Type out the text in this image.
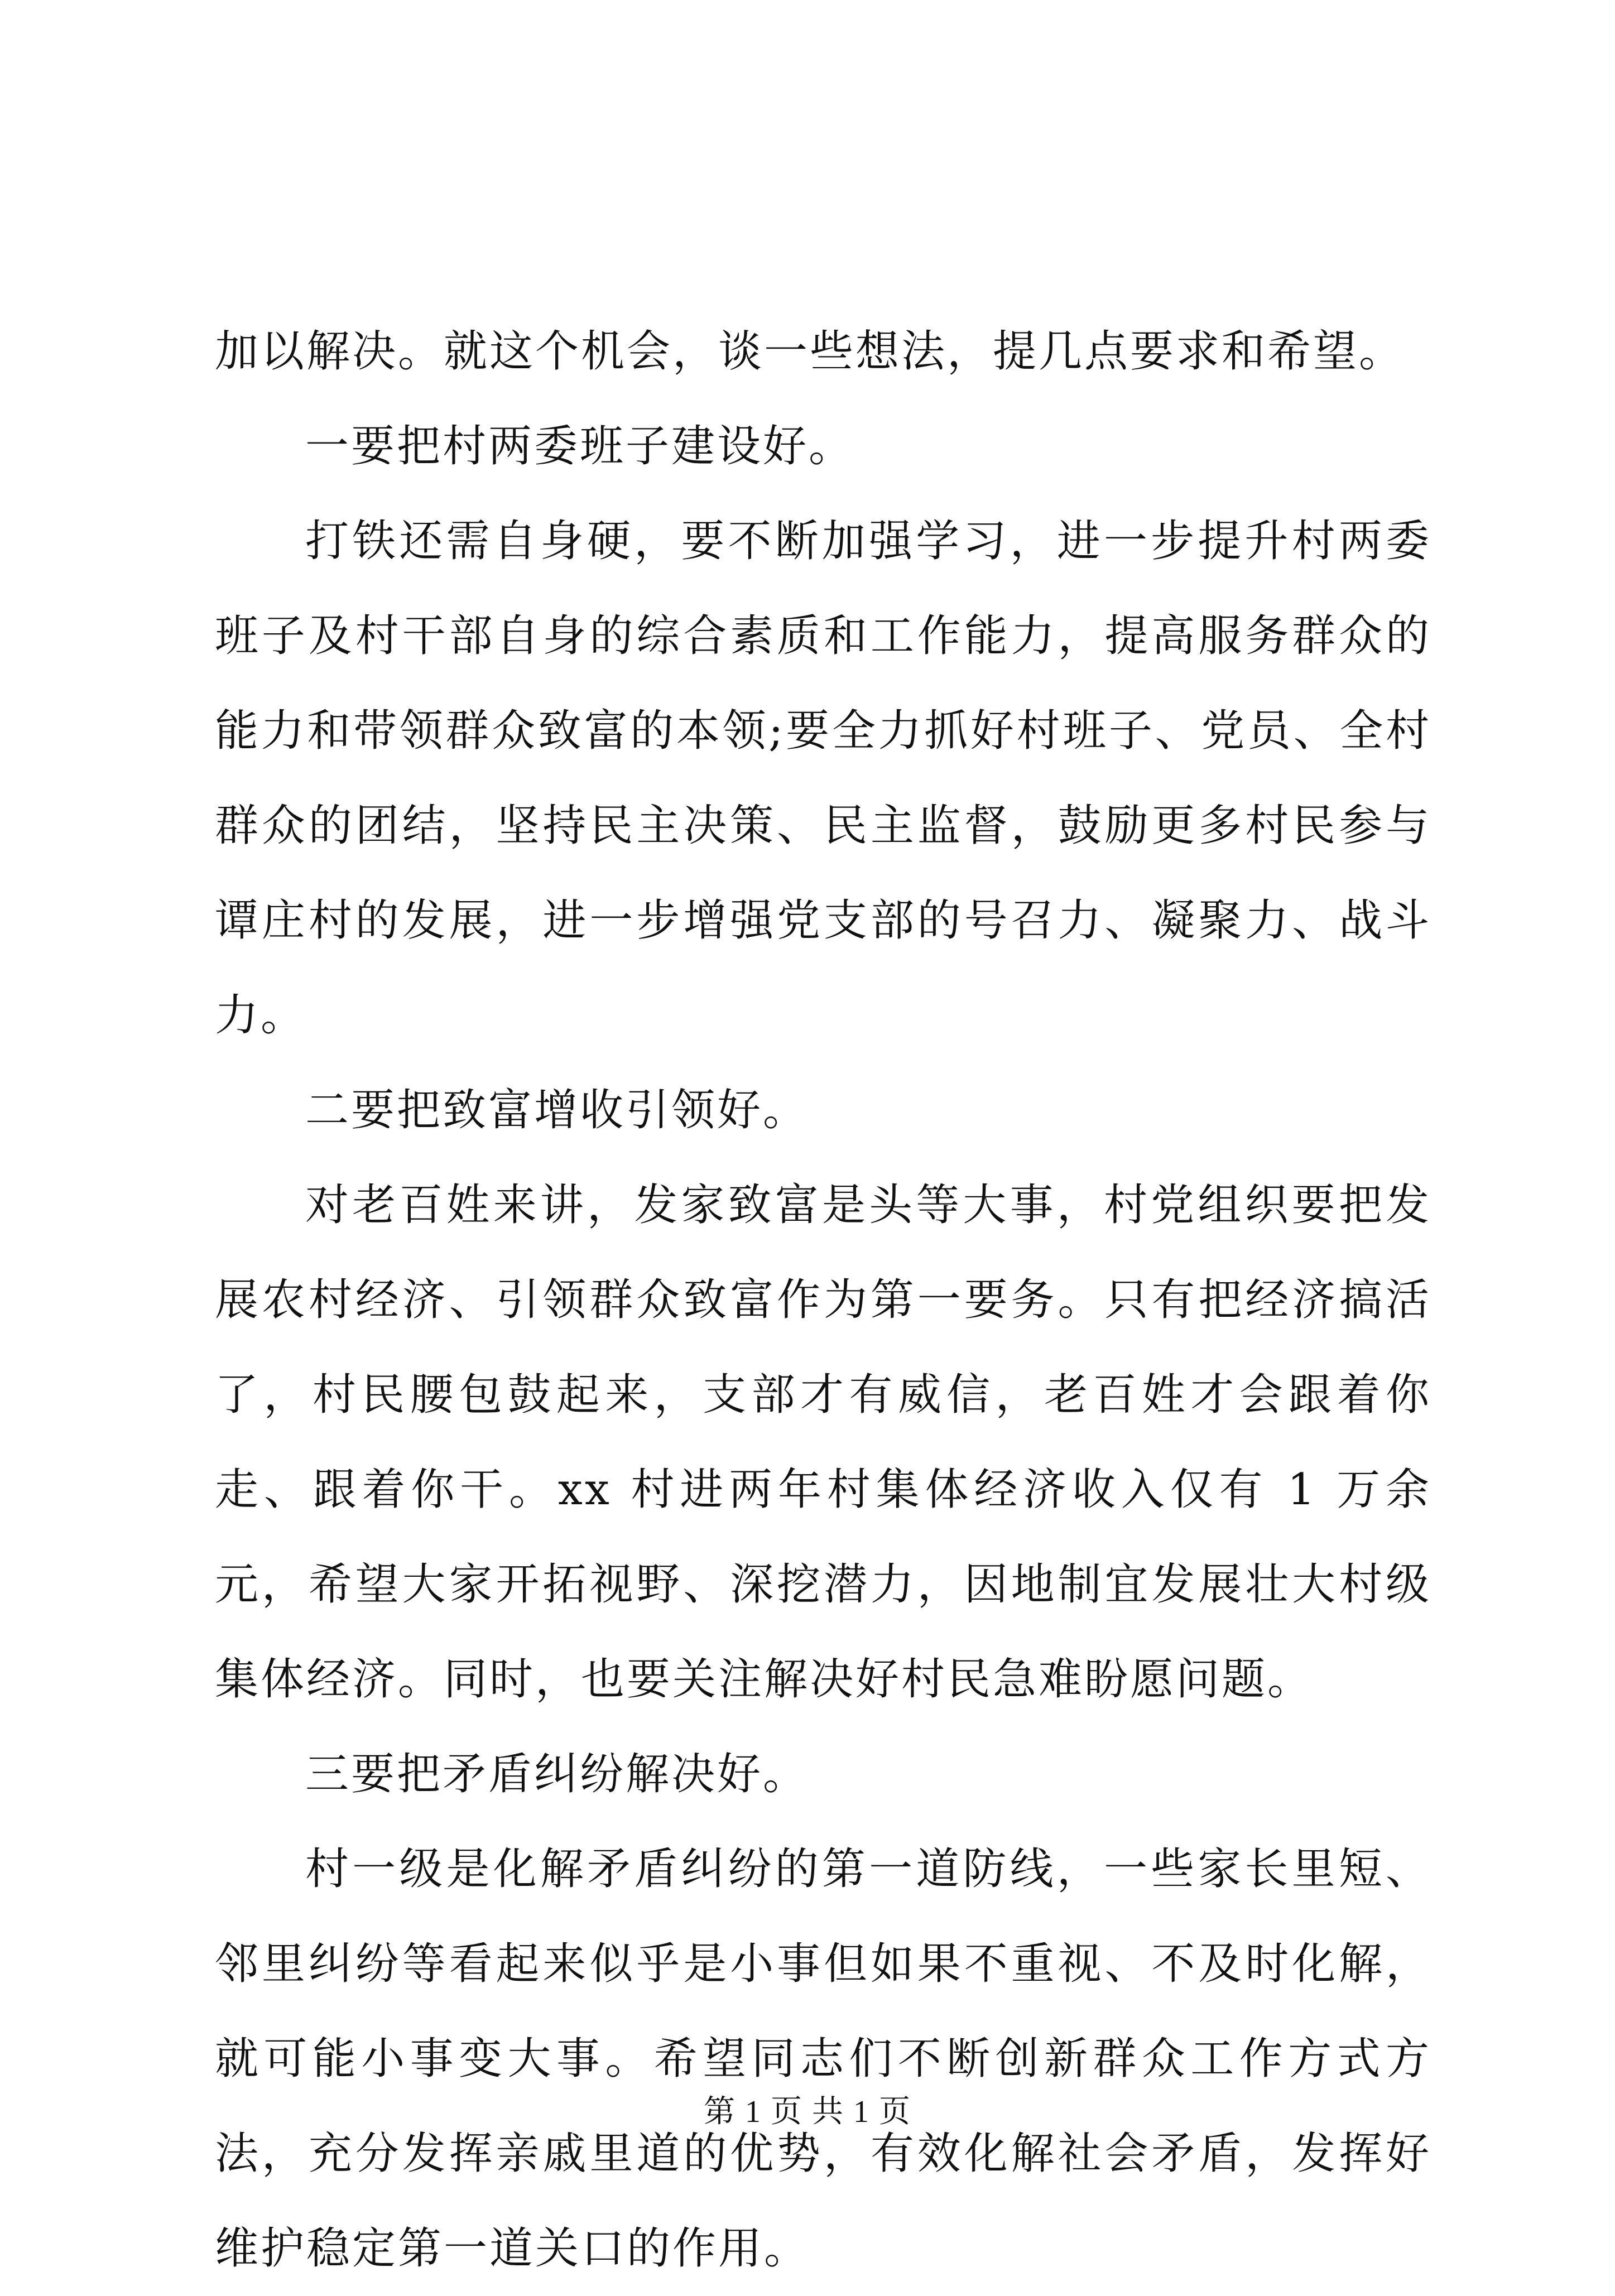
加以解决。就这个机会，谈一些想法，提几点要求和希望。

一要把村两委班子建设好。

打铁还需自身硬，要不断加强学习，进一步提升村两委班子及村干部自身的综合素质和工作能力，提高服务群众的能力和带领群众致富的本领;要全力抓好村班子、党员、全村群众的团结，坚持民主决策、民主监督，鼓励更多村民参与谭庄村的发展，进一步增强党支部的号召力、凝聚力、战斗力。

二要把致富增收引领好。

对老百姓来讲，发家致富是头等大事，村党组织要把发展农村经济、引领群众致富作为第一要务。只有把经济搞活了，村民腰包鼓起来，支部才有威信，老百姓才会跟着你走、跟着你干。xx 村进两年村集体经济收入仅有 1 万余元，希望大家开拓视野、深挖潜力，因地制宜发展壮大村级集体经济。同时，也要关注解决好村民急难盼愿问题。

三要把矛盾纠纷解决好。

村一级是化解矛盾纠纷的第一道防线，一些家长里短、邻里纠纷等看起来似乎是小事但如果不重视、不及时化解，就可能小事变大事。希望同志们不断创新群众工作方式方法，充分发挥亲戚里道的优势，有效化解社会矛盾，发挥好维护稳定第一道关口的作用。

第 1 页 共 1 页
